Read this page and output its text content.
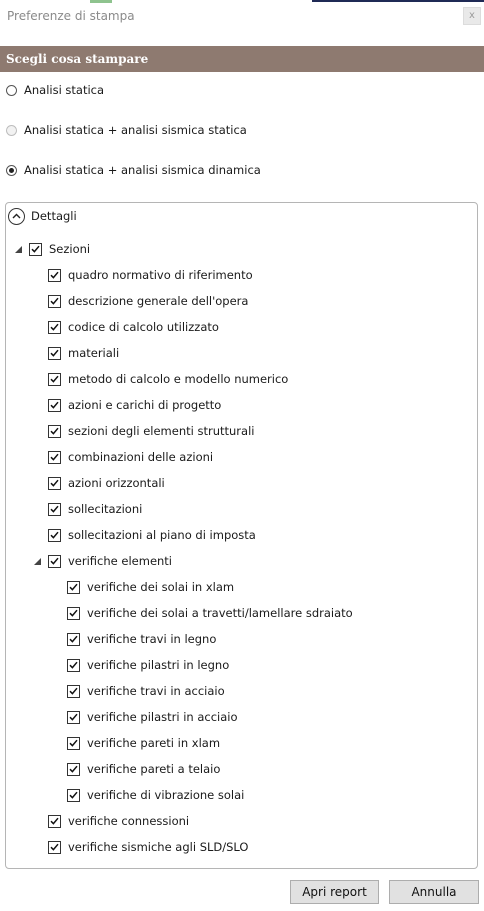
Preferenze di stampa	x
Scegli cosa stampare
Analisi statica
Analisi statica + analisi sismica statica
Analisi statica + analisi sismica dinamica
Dettagli
Sezioni
quadro normativo di riferimento
descrizione generale dell'opera
codice di calcolo utilizzato
materiali
metodo di calcolo e modello numerico
azioni e carichi di progetto
sezioni degli elementi strutturali
combinazioni delle azioni
azioni orizzontali
sollecitazioni
sollecitazioni al piano di imposta
verifiche elementi
verifiche dei solai in xlam
verifiche dei solai a travetti/lamellare sdraiato
verifiche travi in legno
verifiche pilastri in legno
verifiche travi in acciaio
verifiche pilastri in acciaio
verifiche pareti in xlam
verifiche pareti a telaio
verifiche di vibrazione solai
verifiche connessioni
verifiche sismiche agli SLD/SLO
Apri report	Annulla
